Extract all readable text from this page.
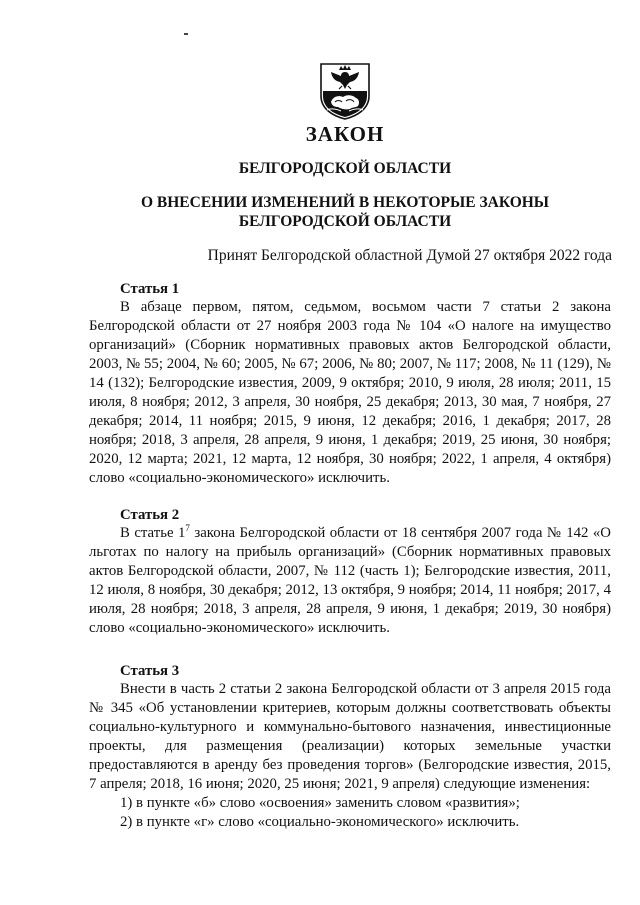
ЗАКОН
БЕЛГОРОДСКОЙ ОБЛАСТИ
О ВНЕСЕНИИ ИЗМЕНЕНИЙ В НЕКОТОРЫЕ ЗАКОНЫ
БЕЛГОРОДСКОЙ ОБЛАСТИ
Принят Белгородской областной Думой 27 октября 2022 года
Статья 1

В абзаце первом, пятом, седьмом, восьмом части 7 статьи 2 закона Белгородской области от 27 ноября 2003 года № 104 «О налоге на имущество организаций» (Сборник нормативных правовых актов Белгородской области, 2003, № 55; 2004, № 60; 2005, № 67; 2006, № 80; 2007, № 117; 2008, № 11 (129), № 14 (132); Белгородские известия, 2009, 9 октября; 2010, 9 июля, 28 июля; 2011, 15 июля, 8 ноября; 2012, 3 апреля, 30 ноября, 25 декабря; 2013, 30 мая, 7 ноября, 27 декабря; 2014, 11 ноября; 2015, 9 июня, 12 декабря; 2016, 1 декабря; 2017, 28 ноября; 2018, 3 апреля, 28 апреля, 9 июня, 1 декабря; 2019, 25 июня, 30 ноября; 2020, 12 марта; 2021, 12 марта, 12 ноября, 30 ноября; 2022, 1 апреля, 4 октября) слово «социально-экономического» исключить.

Статья 2

В статье $1^7$ закона Белгородской области от 18 сентября 2007 года № 142 «О льготах по налогу на прибыль организаций» (Сборник нормативных правовых актов Белгородской области, 2007, № 112 (часть 1); Белгородские известия, 2011, 12 июля, 8 ноября, 30 декабря; 2012, 13 октября, 9 ноября; 2014, 11 ноября; 2017, 4 июля, 28 ноября; 2018, 3 апреля, 28 апреля, 9 июня, 1 декабря; 2019, 30 ноября) слово «социально-экономического» исключить.

Статья 3

Внести в часть 2 статьи 2 закона Белгородской области от 3 апреля 2015 года № 345 «Об установлении критериев, которым должны соответствовать объекты социально-культурного и коммунально-бытового назначения, инвестиционные проекты, для размещения (реализации) которых земельные участки предоставляются в аренду без проведения торгов» (Белгородские известия, 2015, 7 апреля; 2018, 16 июня; 2020, 25 июня; 2021, 9 апреля) следующие изменения:

1) в пункте «б» слово «освоения» заменить словом «развития»;
2) в пункте «г» слово «социально-экономического» исключить.
